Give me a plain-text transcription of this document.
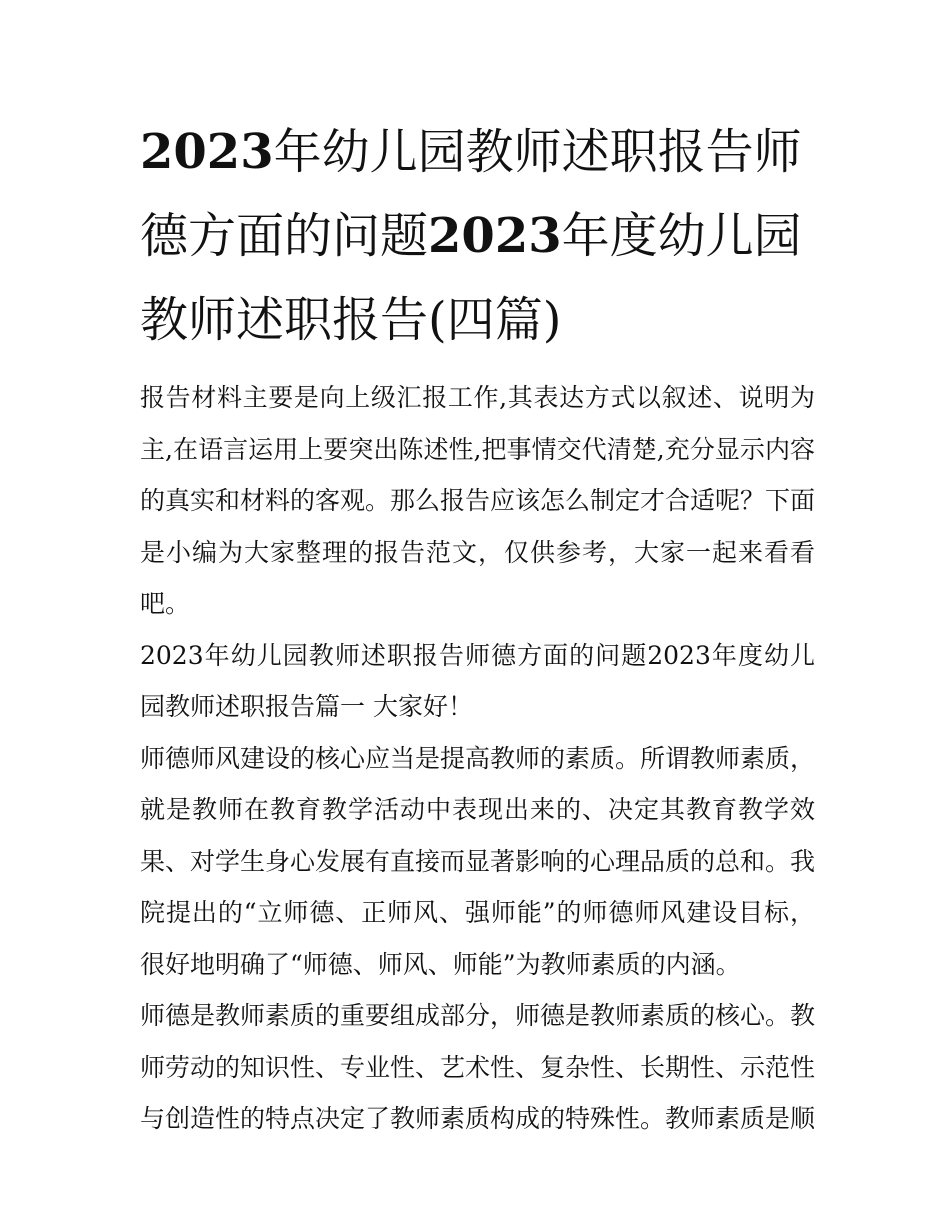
2023年幼儿园教师述职报告师德方面的问题2023年度幼儿园教师述职报告(四篇)

报告材料主要是向上级汇报工作,其表达方式以叙述、说明为主,在语言运用上要突出陈述性,把事情交代清楚,充分显示内容的真实和材料的客观。那么报告应该怎么制定才合适呢？下面是小编为大家整理的报告范文，仅供参考，大家一起来看看吧。

2023年幼儿园教师述职报告师德方面的问题2023年度幼儿园教师述职报告篇一 大家好！

师德师风建设的核心应当是提高教师的素质。所谓教师素质，就是教师在教育教学活动中表现出来的、决定其教育教学效果、对学生身心发展有直接而显著影响的心理品质的总和。我院提出的“立师德、正师风、强师能”的师德师风建设目标，很好地明确了“师德、师风、师能”为教师素质的内涵。

师德是教师素质的重要组成部分，师德是教师素质的核心。教师劳动的知识性、专业性、艺术性、复杂性、长期性、示范性与创造性的特点决定了教师素质构成的特殊性。教师素质是顺
